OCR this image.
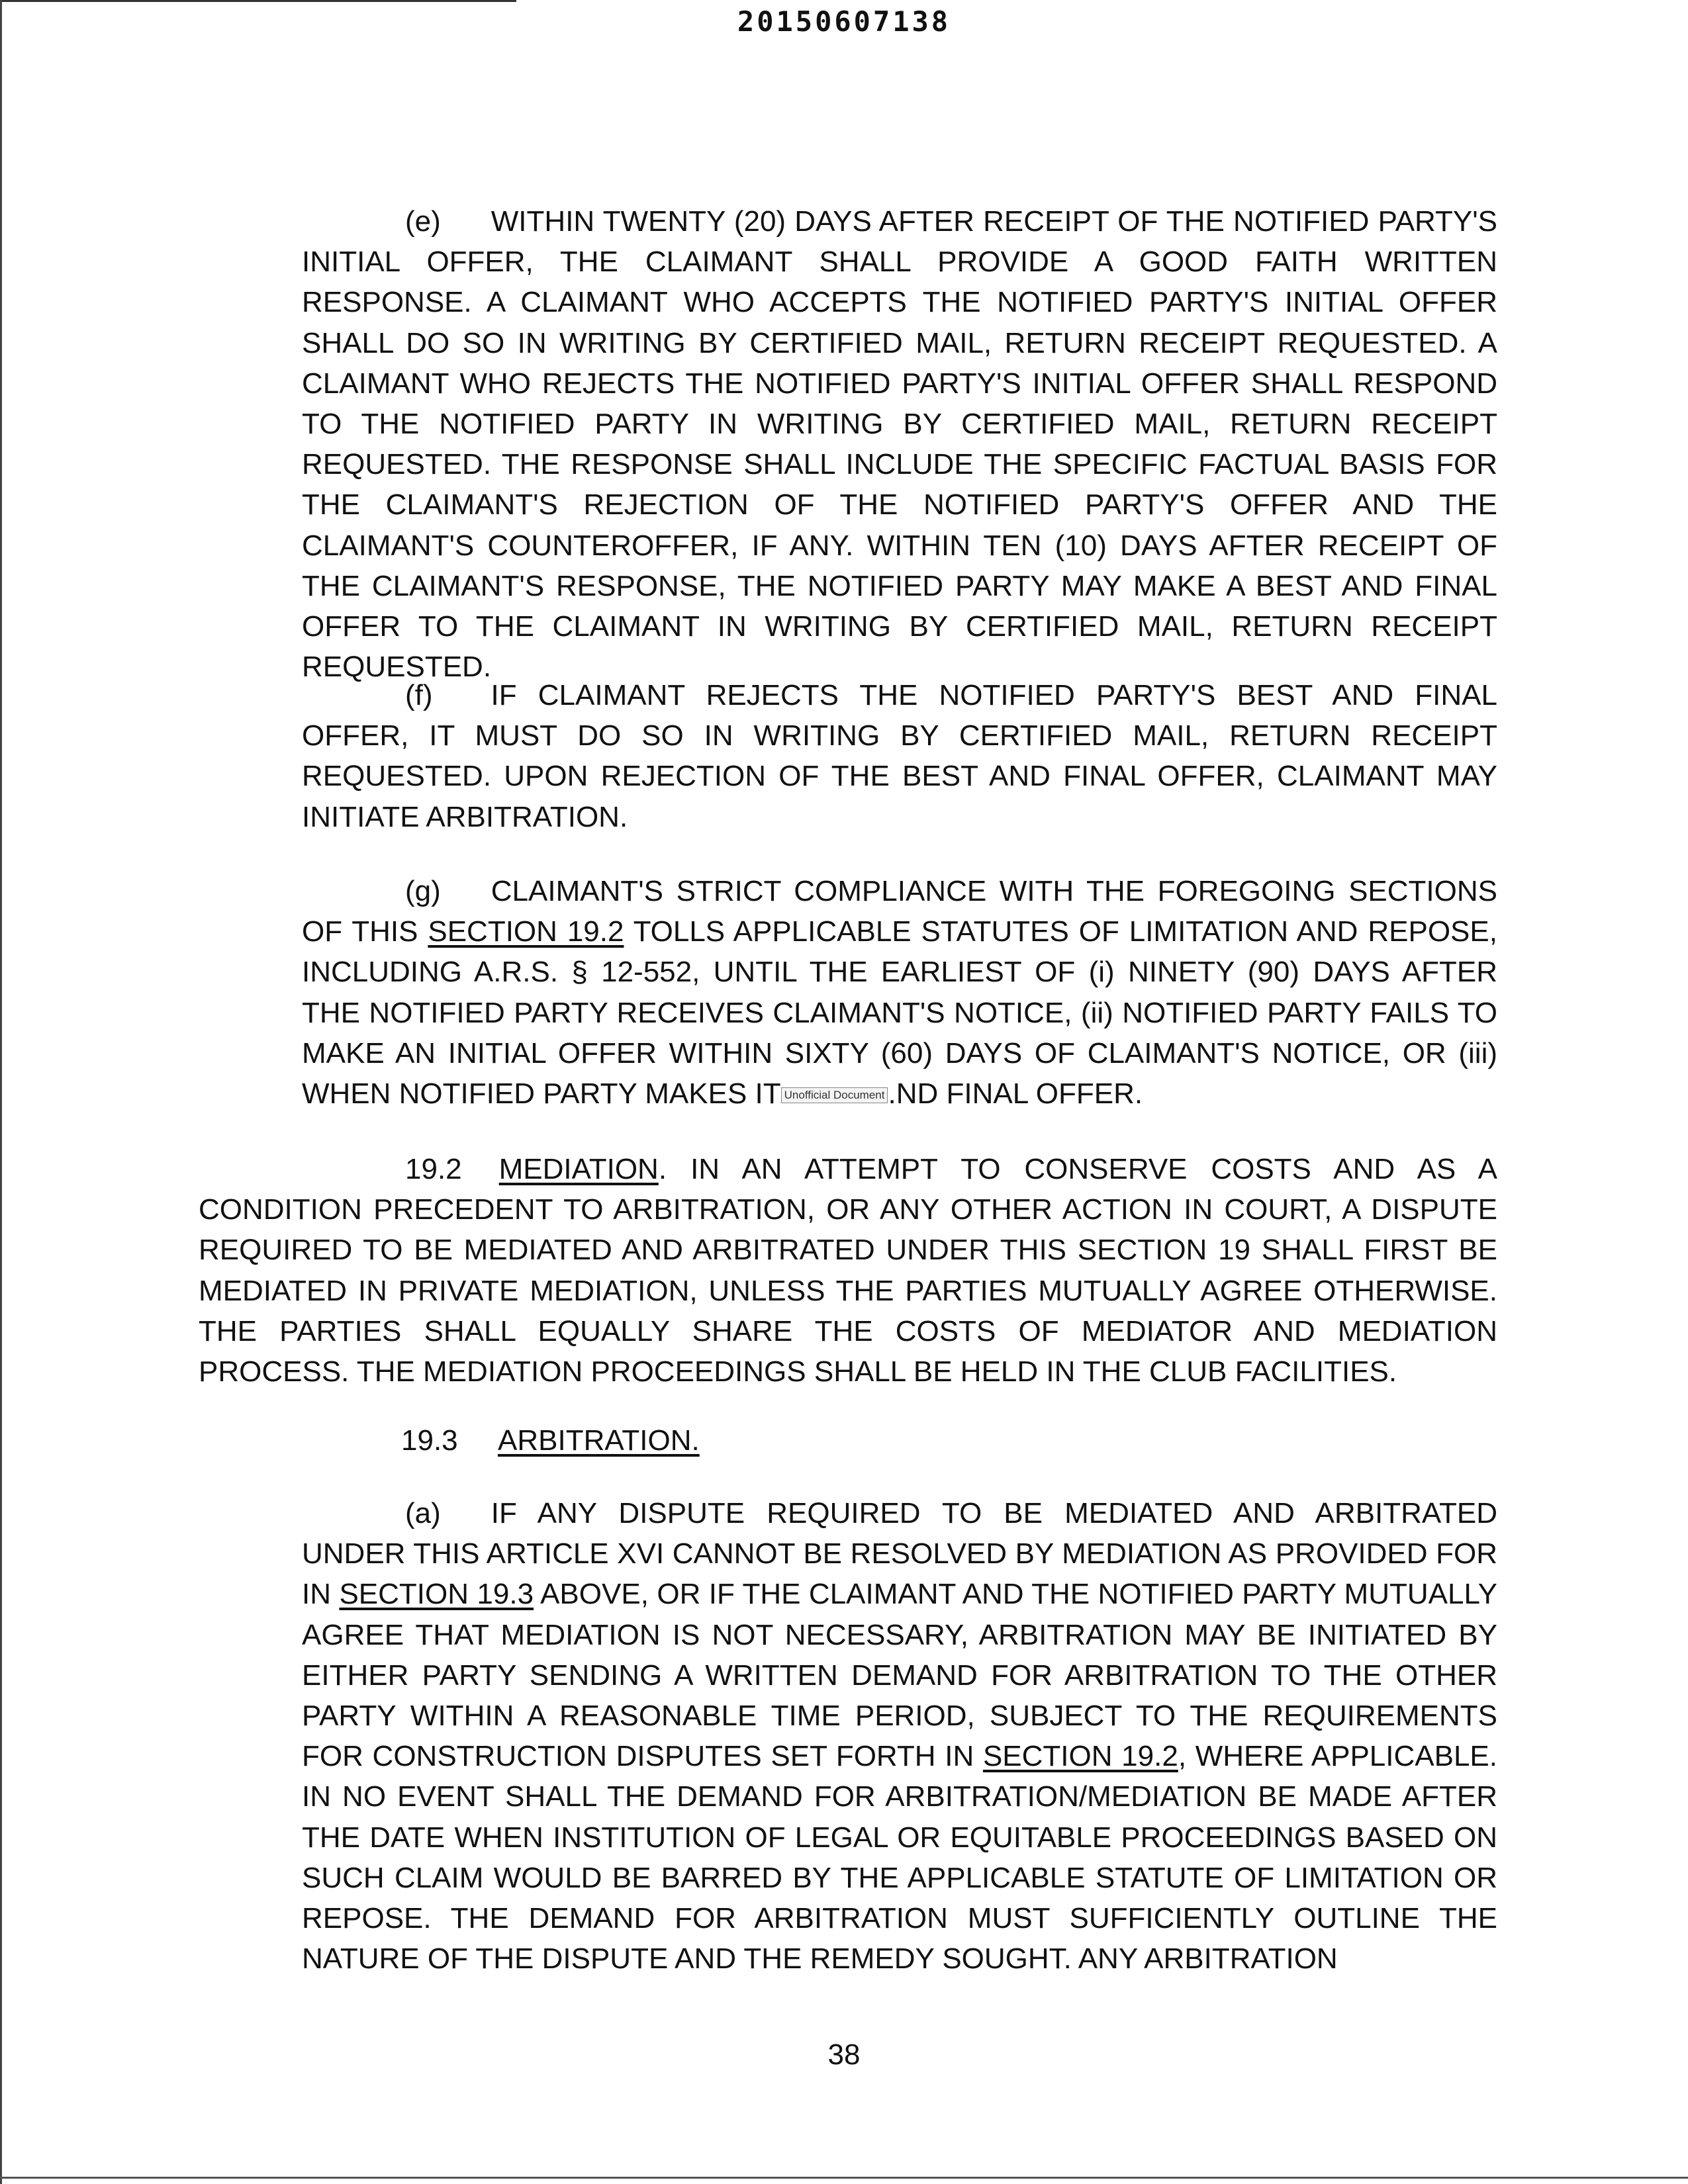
20150607138

(e) WITHIN TWENTY (20) DAYS AFTER RECEIPT OF THE NOTIFIED PARTY'S INITIAL OFFER, THE CLAIMANT SHALL PROVIDE A GOOD FAITH WRITTEN RESPONSE. A CLAIMANT WHO ACCEPTS THE NOTIFIED PARTY'S INITIAL OFFER SHALL DO SO IN WRITING BY CERTIFIED MAIL, RETURN RECEIPT REQUESTED. A CLAIMANT WHO REJECTS THE NOTIFIED PARTY'S INITIAL OFFER SHALL RESPOND TO THE NOTIFIED PARTY IN WRITING BY CERTIFIED MAIL, RETURN RECEIPT REQUESTED. THE RESPONSE SHALL INCLUDE THE SPECIFIC FACTUAL BASIS FOR THE CLAIMANT'S REJECTION OF THE NOTIFIED PARTY'S OFFER AND THE CLAIMANT'S COUNTEROFFER, IF ANY. WITHIN TEN (10) DAYS AFTER RECEIPT OF THE CLAIMANT'S RESPONSE, THE NOTIFIED PARTY MAY MAKE A BEST AND FINAL OFFER TO THE CLAIMANT IN WRITING BY CERTIFIED MAIL, RETURN RECEIPT REQUESTED.

(f) IF CLAIMANT REJECTS THE NOTIFIED PARTY'S BEST AND FINAL OFFER, IT MUST DO SO IN WRITING BY CERTIFIED MAIL, RETURN RECEIPT REQUESTED. UPON REJECTION OF THE BEST AND FINAL OFFER, CLAIMANT MAY INITIATE ARBITRATION.

(g) CLAIMANT'S STRICT COMPLIANCE WITH THE FOREGOING SECTIONS OF THIS SECTION 19.2 TOLLS APPLICABLE STATUTES OF LIMITATION AND REPOSE, INCLUDING A.R.S. § 12-552, UNTIL THE EARLIEST OF (i) NINETY (90) DAYS AFTER THE NOTIFIED PARTY RECEIVES CLAIMANT'S NOTICE, (ii) NOTIFIED PARTY FAILS TO MAKE AN INITIAL OFFER WITHIN SIXTY (60) DAYS OF CLAIMANT'S NOTICE, OR (iii) WHEN NOTIFIED PARTY MAKES IT Unofficial Document .ND FINAL OFFER.

19.2 MEDIATION. IN AN ATTEMPT TO CONSERVE COSTS AND AS A CONDITION PRECEDENT TO ARBITRATION, OR ANY OTHER ACTION IN COURT, A DISPUTE REQUIRED TO BE MEDIATED AND ARBITRATED UNDER THIS SECTION 19 SHALL FIRST BE MEDIATED IN PRIVATE MEDIATION, UNLESS THE PARTIES MUTUALLY AGREE OTHERWISE. THE PARTIES SHALL EQUALLY SHARE THE COSTS OF MEDIATOR AND MEDIATION PROCESS. THE MEDIATION PROCEEDINGS SHALL BE HELD IN THE CLUB FACILITIES.

19.3 ARBITRATION.

(a) IF ANY DISPUTE REQUIRED TO BE MEDIATED AND ARBITRATED UNDER THIS ARTICLE XVI CANNOT BE RESOLVED BY MEDIATION AS PROVIDED FOR IN SECTION 19.3 ABOVE, OR IF THE CLAIMANT AND THE NOTIFIED PARTY MUTUALLY AGREE THAT MEDIATION IS NOT NECESSARY, ARBITRATION MAY BE INITIATED BY EITHER PARTY SENDING A WRITTEN DEMAND FOR ARBITRATION TO THE OTHER PARTY WITHIN A REASONABLE TIME PERIOD, SUBJECT TO THE REQUIREMENTS FOR CONSTRUCTION DISPUTES SET FORTH IN SECTION 19.2, WHERE APPLICABLE. IN NO EVENT SHALL THE DEMAND FOR ARBITRATION/MEDIATION BE MADE AFTER THE DATE WHEN INSTITUTION OF LEGAL OR EQUITABLE PROCEEDINGS BASED ON SUCH CLAIM WOULD BE BARRED BY THE APPLICABLE STATUTE OF LIMITATION OR REPOSE. THE DEMAND FOR ARBITRATION MUST SUFFICIENTLY OUTLINE THE NATURE OF THE DISPUTE AND THE REMEDY SOUGHT. ANY ARBITRATION

38
